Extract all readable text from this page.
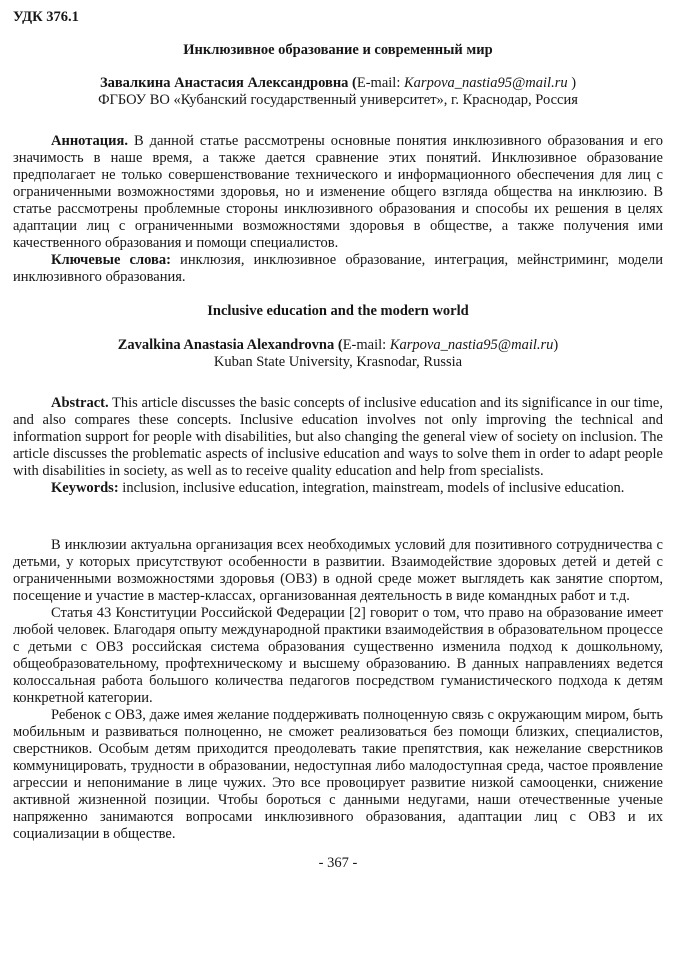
УДК 376.1
Инклюзивное образование и современный мир

Завалкина Анастасия Александровна (E-mail: Karpova_nastia95@mail.ru )

ФГБОУ ВО «Кубанский государственный университет», г. Краснодар, Россия

Аннотация. В данной статье рассмотрены основные понятия инклюзивного образования и его значимость в наше время, а также дается сравнение этих понятий. Инклюзивное образование предполагает не только совершенствование технического и информационного обеспечения для лиц с ограниченными возможностями здоровья, но и изменение общего взгляда общества на инклюзию. В статье рассмотрены проблемные стороны инклюзивного образования и способы их решения в целях адаптации лиц с ограниченными возможностями здоровья в обществе, а также получения ими качественного образования и помощи специалистов.

Ключевые слова: инклюзия, инклюзивное образование, интеграция, мейнстриминг, модели инклюзивного образования.

Inclusive education and the modern world

Zavalkina Anastasia Alexandrovna (E-mail: Karpova_nastia95@mail.ru)

Kuban State University, Krasnodar, Russia

Abstract. This article discusses the basic concepts of inclusive education and its significance in our time, and also compares these concepts. Inclusive education involves not only improving the technical and information support for people with disabilities, but also changing the general view of society on inclusion. The article discusses the problematic aspects of inclusive education and ways to solve them in order to adapt people with disabilities in society, as well as to receive quality education and help from specialists.

Keywords: inclusion, inclusive education, integration, mainstream, models of inclusive education.

В инклюзии актуальна организация всех необходимых условий для позитивного сотрудничества с детьми, у которых присутствуют особенности в развитии. Взаимодействие здоровых детей и детей с ограниченными возможностями здоровья (ОВЗ) в одной среде может выглядеть как занятие спортом, посещение и участие в мастер-классах, организованная деятельность в виде командных работ и т.д.

Статья 43 Конституции Российской Федерации [2] говорит о том, что право на образование имеет любой человек. Благодаря опыту международной практики взаимодействия в образовательном процессе с детьми с ОВЗ российская система образования существенно изменила подход к дошкольному, общеобразовательному, профтехническому и высшему образованию. В данных направлениях ведется колоссальная работа большого количества педагогов посредством гуманистического подхода к детям конкретной категории.

Ребенок с ОВЗ, даже имея желание поддерживать полноценную связь с окружающим миром, быть мобильным и развиваться полноценно, не сможет реализоваться без помощи близких, специалистов, сверстников. Особым детям приходится преодолевать такие препятствия, как нежелание сверстников коммуницировать, трудности в образовании, недоступная либо малодоступная среда, частое проявление агрессии и непонимание в лице чужих. Это все провоцирует развитие низкой самооценки, снижение активной жизненной позиции. Чтобы бороться с данными недугами, наши отечественные ученые напряженно занимаются вопросами инклюзивного образования, адаптации лиц с ОВЗ и их социализации в обществе.

- 367 -
